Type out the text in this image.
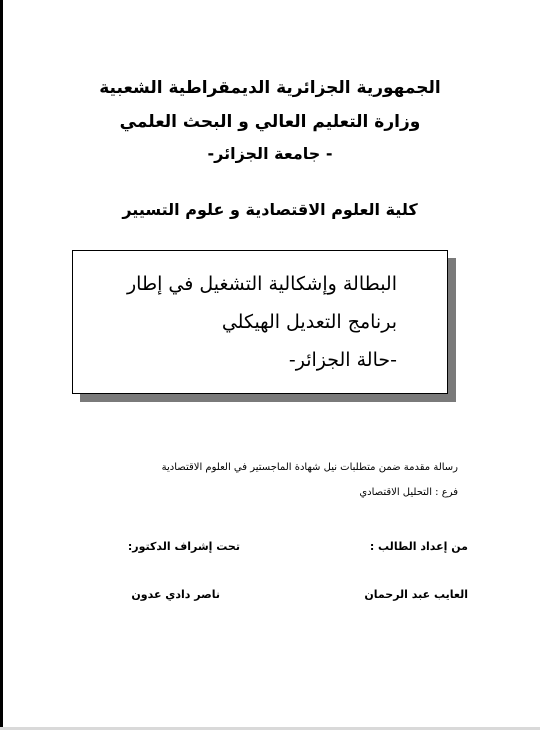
الجمهورية الجزائرية الديمقراطية الشعبية
وزارة التعليم العالي و البحث العلمي
- جامعة الجزائر-
كلية العلوم الاقتصادية و علوم التسيير
البطالة وإشكالية التشغيل في إطار
برنامج التعديل الهيكلي
-حالة الجزائر-
رسالة مقدمة ضمن متطلبات نيل شهادة الماجستير في العلوم الاقتصادية
فرع : التحليل الاقتصادي
من إعداد الطالب :
تحت إشراف الدكتور:
العايب عبد الرحمان
ناصر دادي عدون
